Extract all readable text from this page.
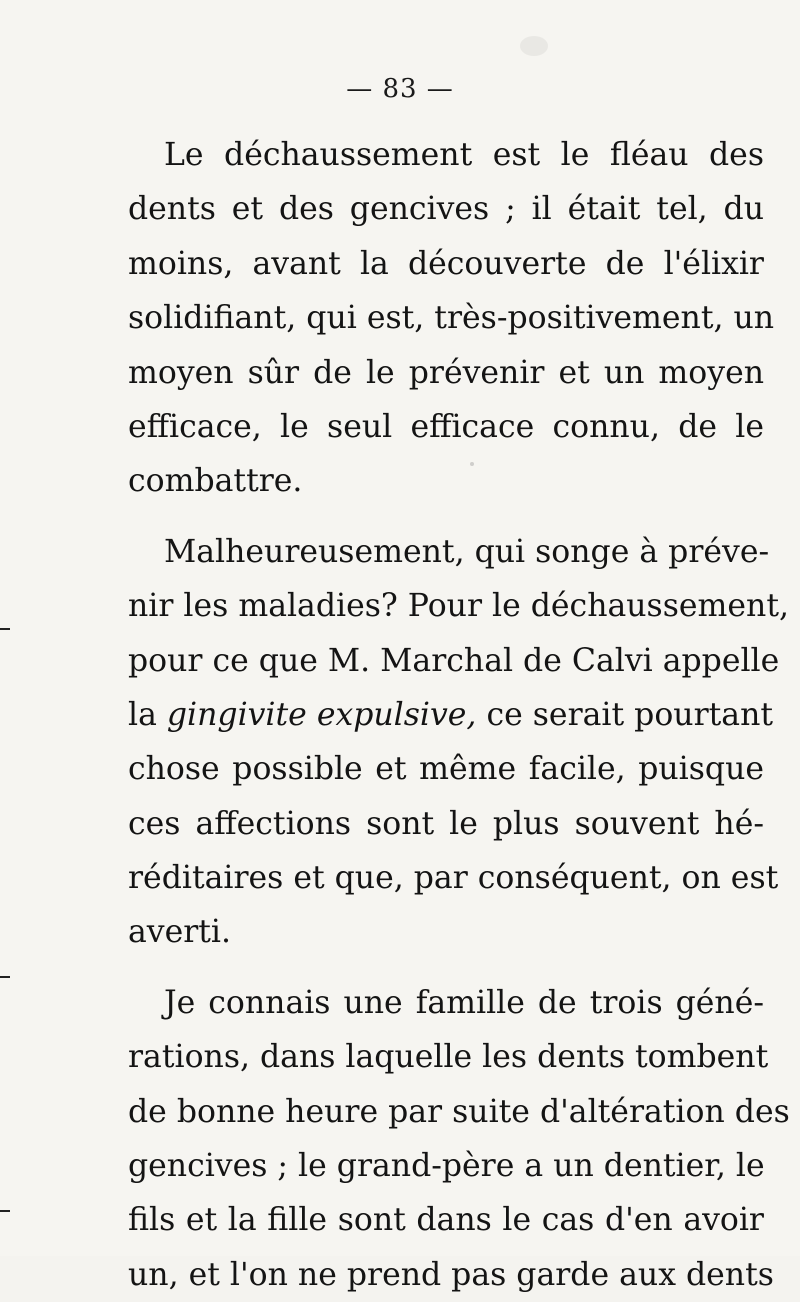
— 83 —
Le déchaussement est le fléau des
dents et des gencives ; il était tel, du
moins, avant la découverte de l'élixir
solidifiant, qui est, très-positivement, un
moyen sûr de le prévenir et un moyen
efficace, le seul efficace connu, de le
combattre.
Malheureusement, qui songe à préve-
nir les maladies? Pour le déchaussement,
pour ce que M. Marchal de Calvi appelle
la gingivite expulsive, ce serait pourtant
chose possible et même facile, puisque
ces affections sont le plus souvent hé-
réditaires et que, par conséquent, on est
averti.
Je connais une famille de trois géné-
rations, dans laquelle les dents tombent
de bonne heure par suite d'altération des
gencives ; le grand-père a un dentier, le
fils et la fille sont dans le cas d'en avoir
un, et l'on ne prend pas garde aux dents
